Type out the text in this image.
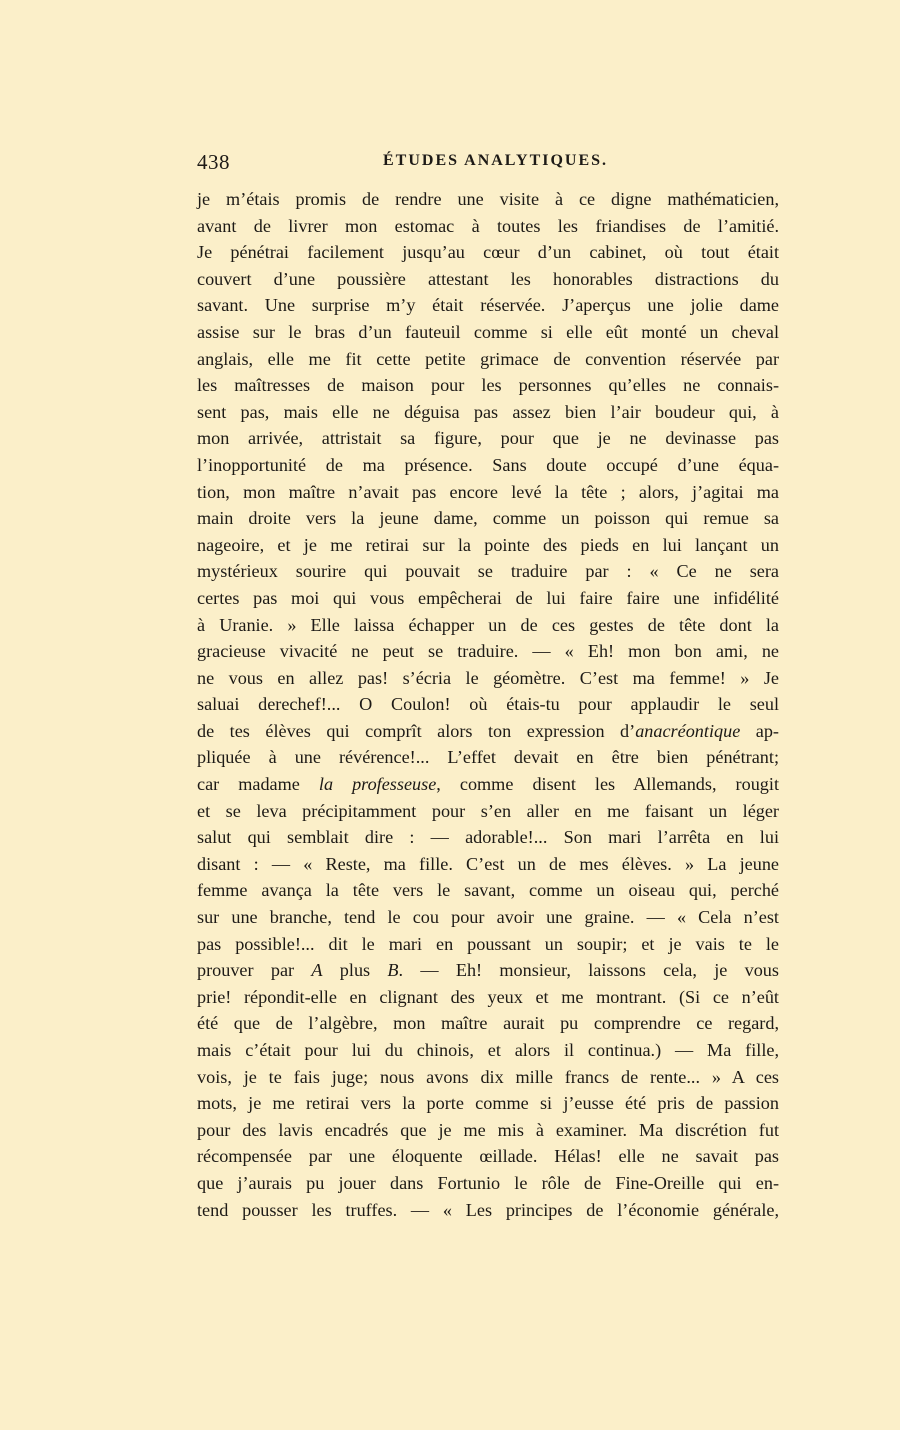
438	ÉTUDES ANALYTIQUES.
je m’étais promis de rendre une visite à ce digne mathématicien,
avant de livrer mon estomac à toutes les friandises de l’amitié.
Je pénétrai facilement jusqu’au cœur d’un cabinet, où tout était
couvert d’une poussière attestant les honorables distractions du
savant. Une surprise m’y était réservée. J’aperçus une jolie dame
assise sur le bras d’un fauteuil comme si elle eût monté un cheval
anglais, elle me fit cette petite grimace de convention réservée par
les maîtresses de maison pour les personnes qu’elles ne connais-
sent pas, mais elle ne déguisa pas assez bien l’air boudeur qui, à
mon arrivée, attristait sa figure, pour que je ne devinasse pas
l’inopportunité de ma présence. Sans doute occupé d’une équa-
tion, mon maître n’avait pas encore levé la tête ; alors, j’agitai ma
main droite vers la jeune dame, comme un poisson qui remue sa
nageoire, et je me retirai sur la pointe des pieds en lui lançant un
mystérieux sourire qui pouvait se traduire par : « Ce ne sera
certes pas moi qui vous empêcherai de lui faire faire une infidélité
à Uranie. » Elle laissa échapper un de ces gestes de tête dont la
gracieuse vivacité ne peut se traduire. — « Eh! mon bon ami, ne
ne vous en allez pas! s’écria le géomètre. C’est ma femme! » Je
saluai derechef!... O Coulon! où étais-tu pour applaudir le seul
de tes élèves qui comprît alors ton expression d’anacréontique ap-
pliquée à une révérence!... L’effet devait en être bien pénétrant;
car madame la professeuse, comme disent les Allemands, rougit
et se leva précipitamment pour s’en aller en me faisant un léger
salut qui semblait dire : — adorable!... Son mari l’arrêta en lui
disant : — « Reste, ma fille. C’est un de mes élèves. » La jeune
femme avança la tête vers le savant, comme un oiseau qui, perché
sur une branche, tend le cou pour avoir une graine. — « Cela n’est
pas possible!... dit le mari en poussant un soupir; et je vais te le
prouver par A plus B. — Eh! monsieur, laissons cela, je vous
prie! répondit-elle en clignant des yeux et me montrant. (Si ce n’eût
été que de l’algèbre, mon maître aurait pu comprendre ce regard,
mais c’était pour lui du chinois, et alors il continua.) — Ma fille,
vois, je te fais juge; nous avons dix mille francs de rente... » A ces
mots, je me retirai vers la porte comme si j’eusse été pris de passion
pour des lavis encadrés que je me mis à examiner. Ma discrétion fut
récompensée par une éloquente œillade. Hélas! elle ne savait pas
que j’aurais pu jouer dans Fortunio le rôle de Fine-Oreille qui en-
tend pousser les truffes. — « Les principes de l’économie générale,
